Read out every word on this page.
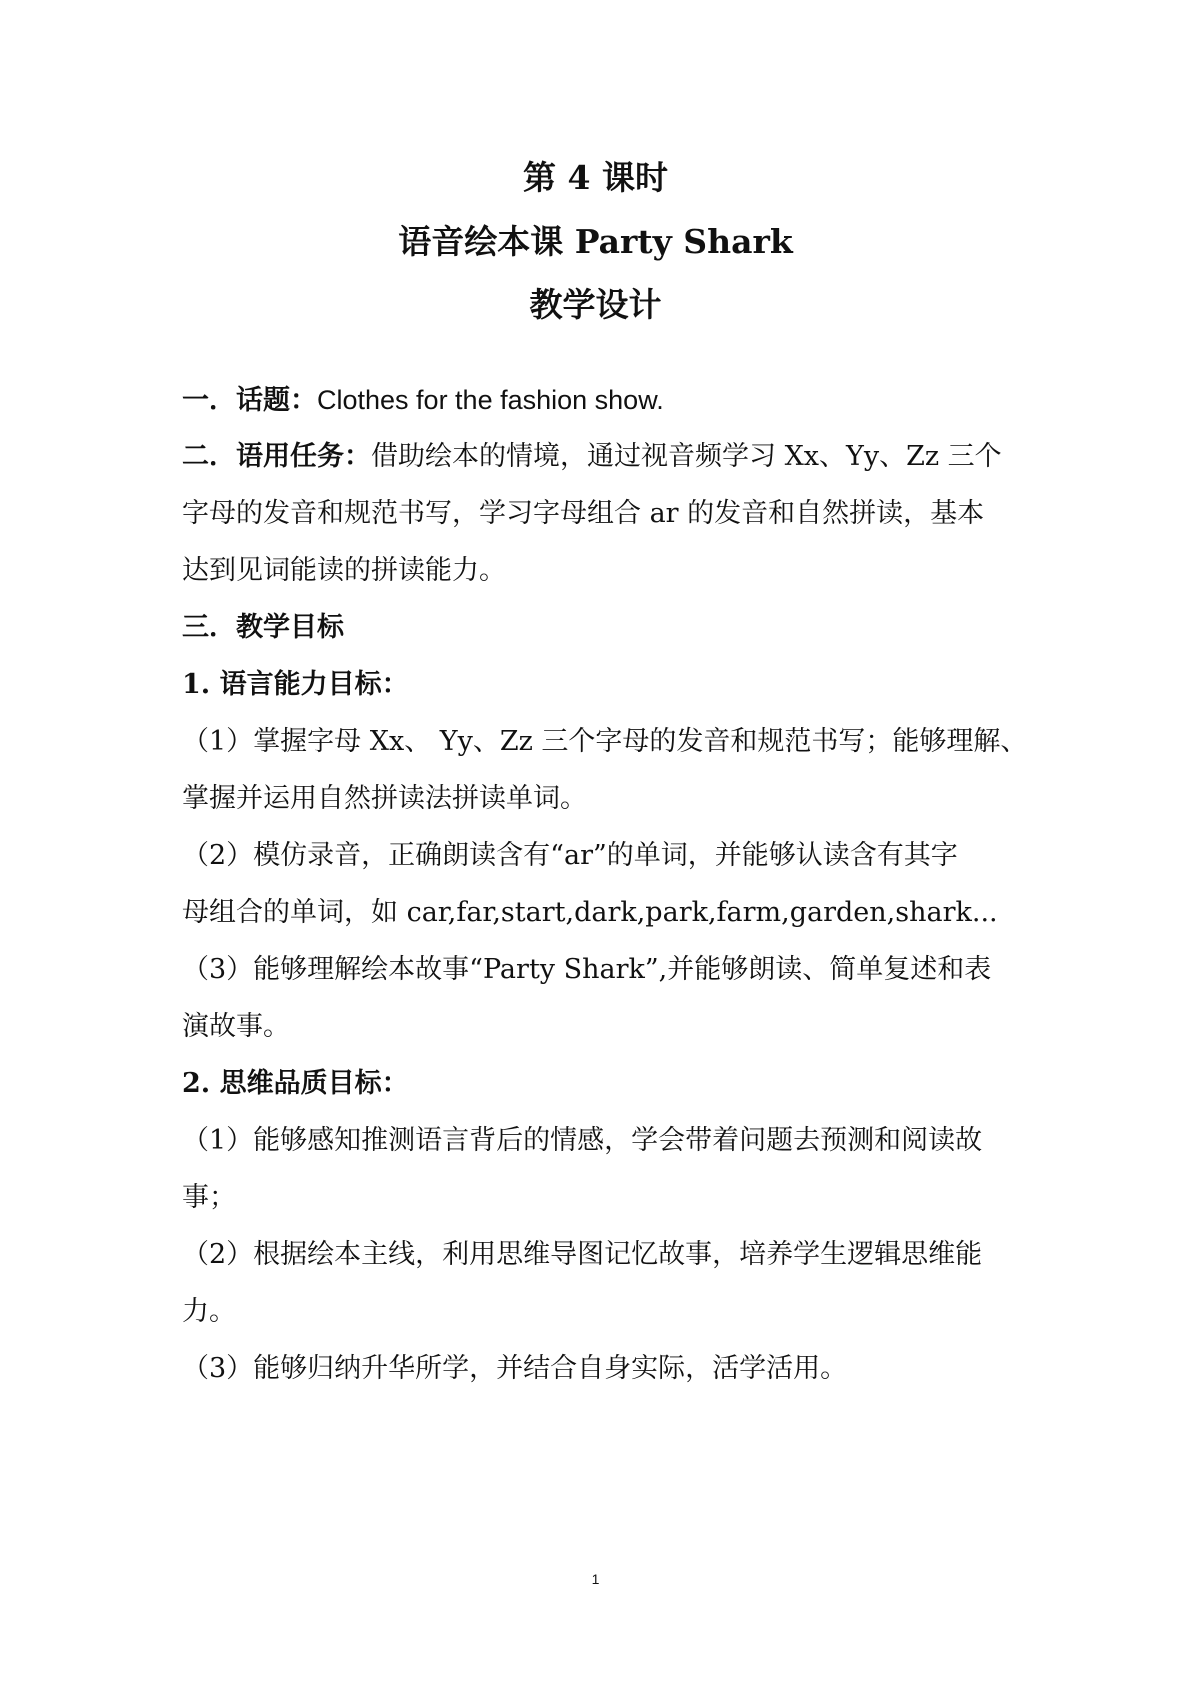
第 4 课时
语音绘本课 Party Shark
教学设计
一．话题：Clothes for the fashion show.
二．语用任务：借助绘本的情境，通过视音频学习 Xx、Yy、Zz 三个
字母的发音和规范书写，学习字母组合 ar 的发音和自然拼读，基本
达到见词能读的拼读能力。
三．教学目标
1. 语言能力目标：
（1）掌握字母 Xx、 Yy、Zz 三个字母的发音和规范书写；能够理解、
掌握并运用自然拼读法拼读单词。
（2）模仿录音，正确朗读含有“ar”的单词，并能够认读含有其字
母组合的单词，如 car,far,start,dark,park,farm,garden,shark...
（3）能够理解绘本故事“Party Shark”,并能够朗读、简单复述和表
演故事。
2. 思维品质目标：
（1）能够感知推测语言背后的情感，学会带着问题去预测和阅读故
事；
（2）根据绘本主线，利用思维导图记忆故事，培养学生逻辑思维能
力。
（3）能够归纳升华所学，并结合自身实际，活学活用。
1
